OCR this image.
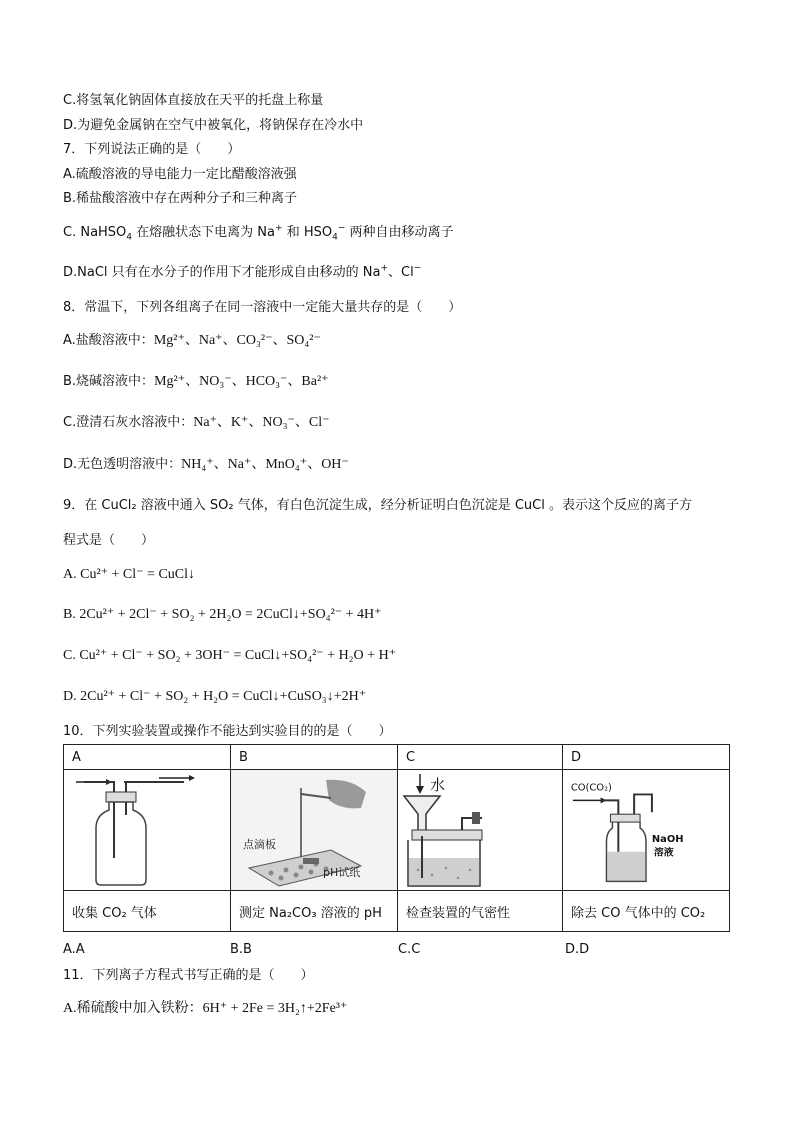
C.将氢氧化钠固体直接放在天平的托盘上称量
D.为避免金属钠在空气中被氧化，将钠保存在冷水中
7．下列说法正确的是（　　）
A.硫酸溶液的导电能力一定比醋酸溶液强
B.稀盐酸溶液中存在两种分子和三种离子
C. NaHSO$_4$ 在熔融状态下电离为 Na+ 和 $HSO_4^-$ 两种自由移动离子
D.NaCl 只有在水分子的作用下才能形成自由移动的 Na+、Cl−
8．常温下，下列各组离子在同一溶液中一定能大量共存的是（　　）
A.盐酸溶液中：Mg²⁺、Na⁺、CO₃²⁻、SO₄²⁻
B.烧碱溶液中：Mg²⁺、NO₃⁻、HCO₃⁻、Ba²⁺
C.澄清石灰水溶液中：Na⁺、K⁺、NO₃⁻、Cl⁻
D.无色透明溶液中：NH₄⁺、Na⁺、MnO₄⁺、OH⁻
9．在 CuCl₂ 溶液中通入 SO₂ 气体，有白色沉淀生成，经分析证明白色沉淀是 CuCl 。表示这个反应的离子方
程式是（　　）
A. Cu²⁺ + Cl⁻ = CuCl↓
B. 2Cu²⁺ + 2Cl⁻ + SO₂ + 2H₂O = 2CuCl↓+SO₄²⁻ + 4H⁺
C. Cu²⁺ + Cl⁻ + SO₂ + 3OH⁻ = CuCl↓+SO₄²⁻ + H₂O + H⁺
D. 2Cu²⁺ + Cl⁻ + SO₂ + H₂O = CuCl↓+CuSO₃↓+2H⁺
10．下列实验装置或操作不能达到实验目的的是（　　）
A	B	C	D

点滴板
pH试纸	水	CO(CO₂)
NaOH
溶液

收集 CO₂ 气体	测定 Na₂CO₃ 溶液的 pH	检查装置的气密性	除去 CO 气体中的 CO₂
A.A	B.B	C.C	D.D
11．下列离子方程式书写正确的是（　　）
A.稀硫酸中加入铁粉：6H⁺ + 2Fe = 3H₂↑+2Fe³⁺
